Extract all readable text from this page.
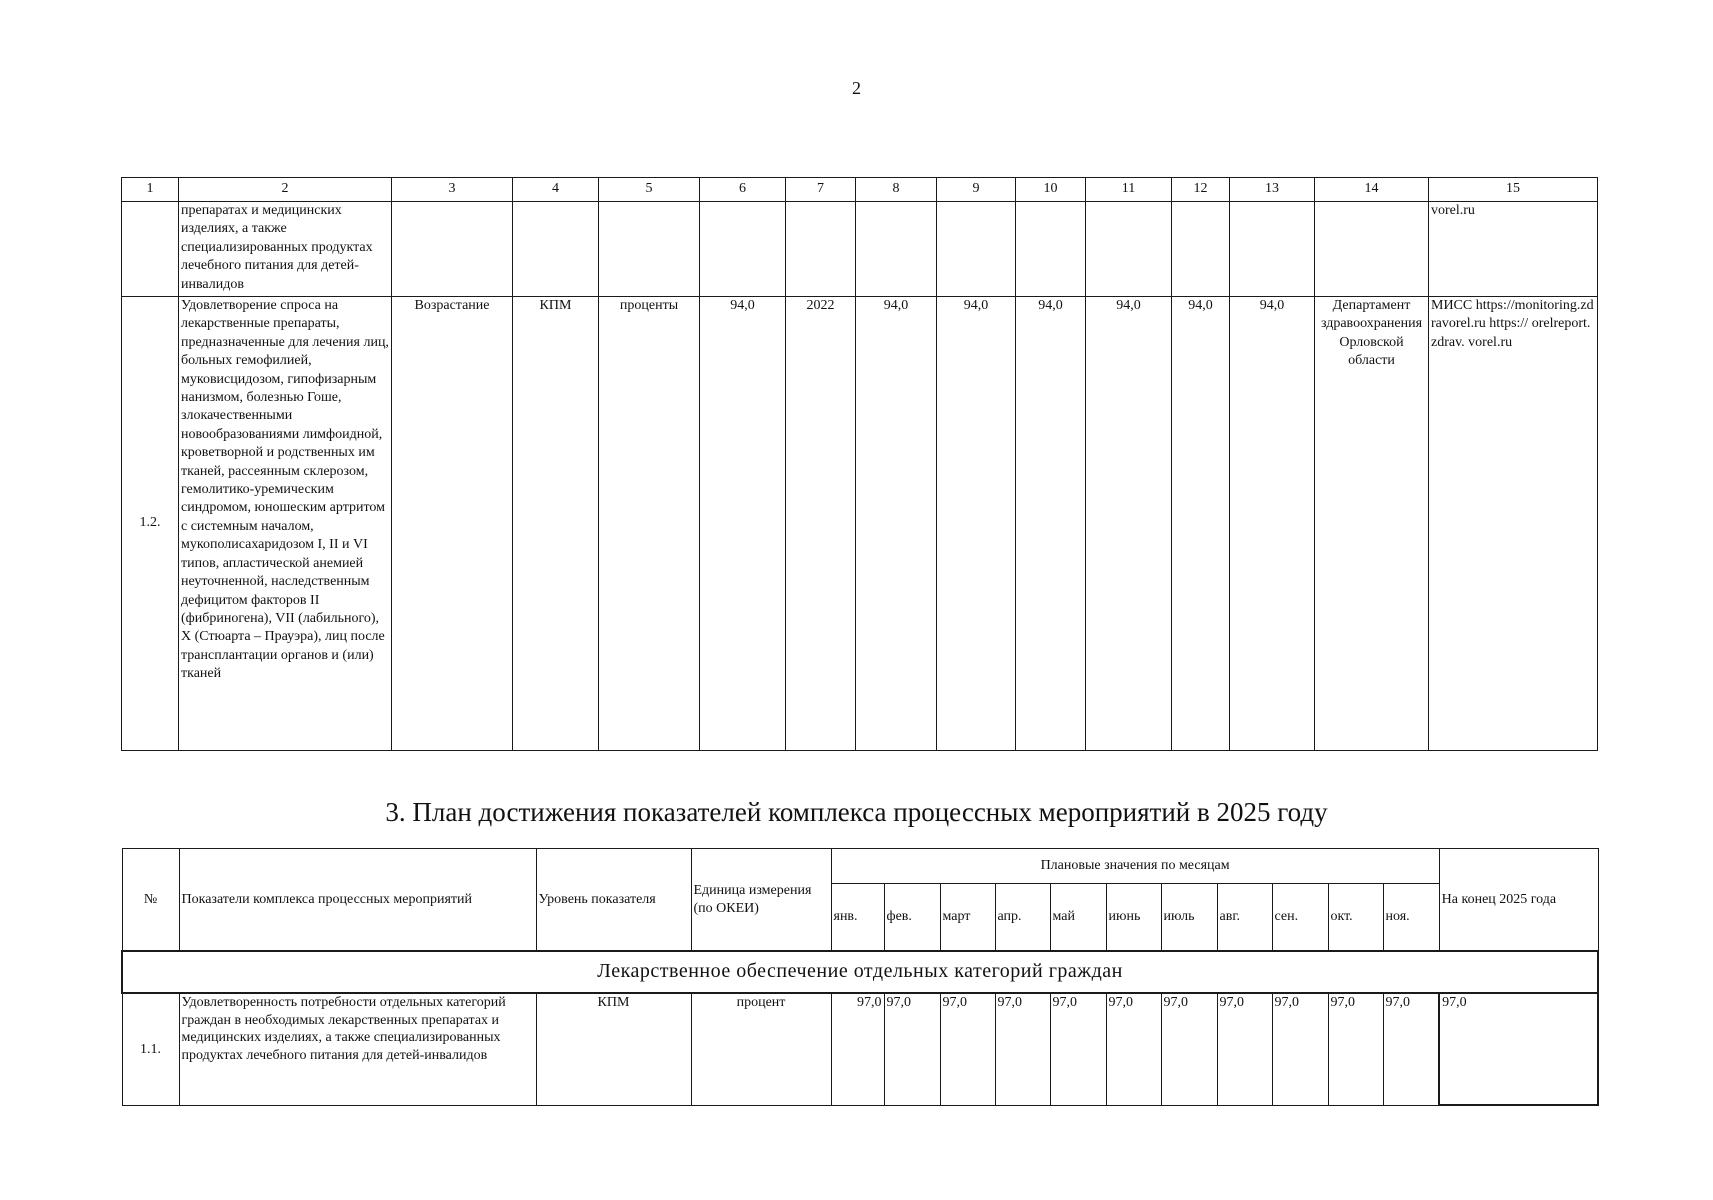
2
1	2	3	4	5	6	7	8	9	10	11	12	13	14	15
	препаратах и медицинских изделиях, а также специализированных продуктах лечебного питания для детей-инвалидов													vorel.ru
1.2.	Удовлетворение спроса на лекарственные препараты, предназначенные для лечения лиц, больных гемофилией, муковисцидозом, гипофизарным нанизмом, болезнью Гоше, злокачественными новообразованиями лимфоидной, кроветворной и родственных им тканей, рассеянным склерозом, гемолитико-уремическим синдромом, юношеским артритом с системным началом, мукополисахаридозом I, II и VI типов, апластической анемией неуточненной, наследственным дефицитом факторов II (фибриногена), VII (лабильного), X (Стюарта – Прауэра), лиц после трансплантации органов и (или) тканей	Возрастание	КПМ	проценты	94,0	2022	94,0	94,0	94,0	94,0	94,0	94,0	Департамент здравоохранения Орловской области	МИСС https://monitoring.zdravorel.ru https:// orelreport. zdrav. vorel.ru
3. План достижения показателей комплекса процессных мероприятий в 2025 году
№	Показатели комплекса процессных мероприятий	Уровень показателя	Единица измерения (по ОКЕИ)	Плановые значения по месяцам											На конец 2025 года
				янв.	фев.	март	апр.	май	июнь	июль	авг.	сен.	окт.	ноя.	
Лекарственное обеспечение отдельных категорий граждан															
1.1.	Удовлетворенность потребности отдельных категорий граждан в необходимых лекарственных препаратах и медицинских изделиях, а также специализированных продуктах лечебного питания для детей-инвалидов	КПМ	процент	97,0	97,0	97,0	97,0	97,0	97,0	97,0	97,0	97,0	97,0	97,0	97,0
